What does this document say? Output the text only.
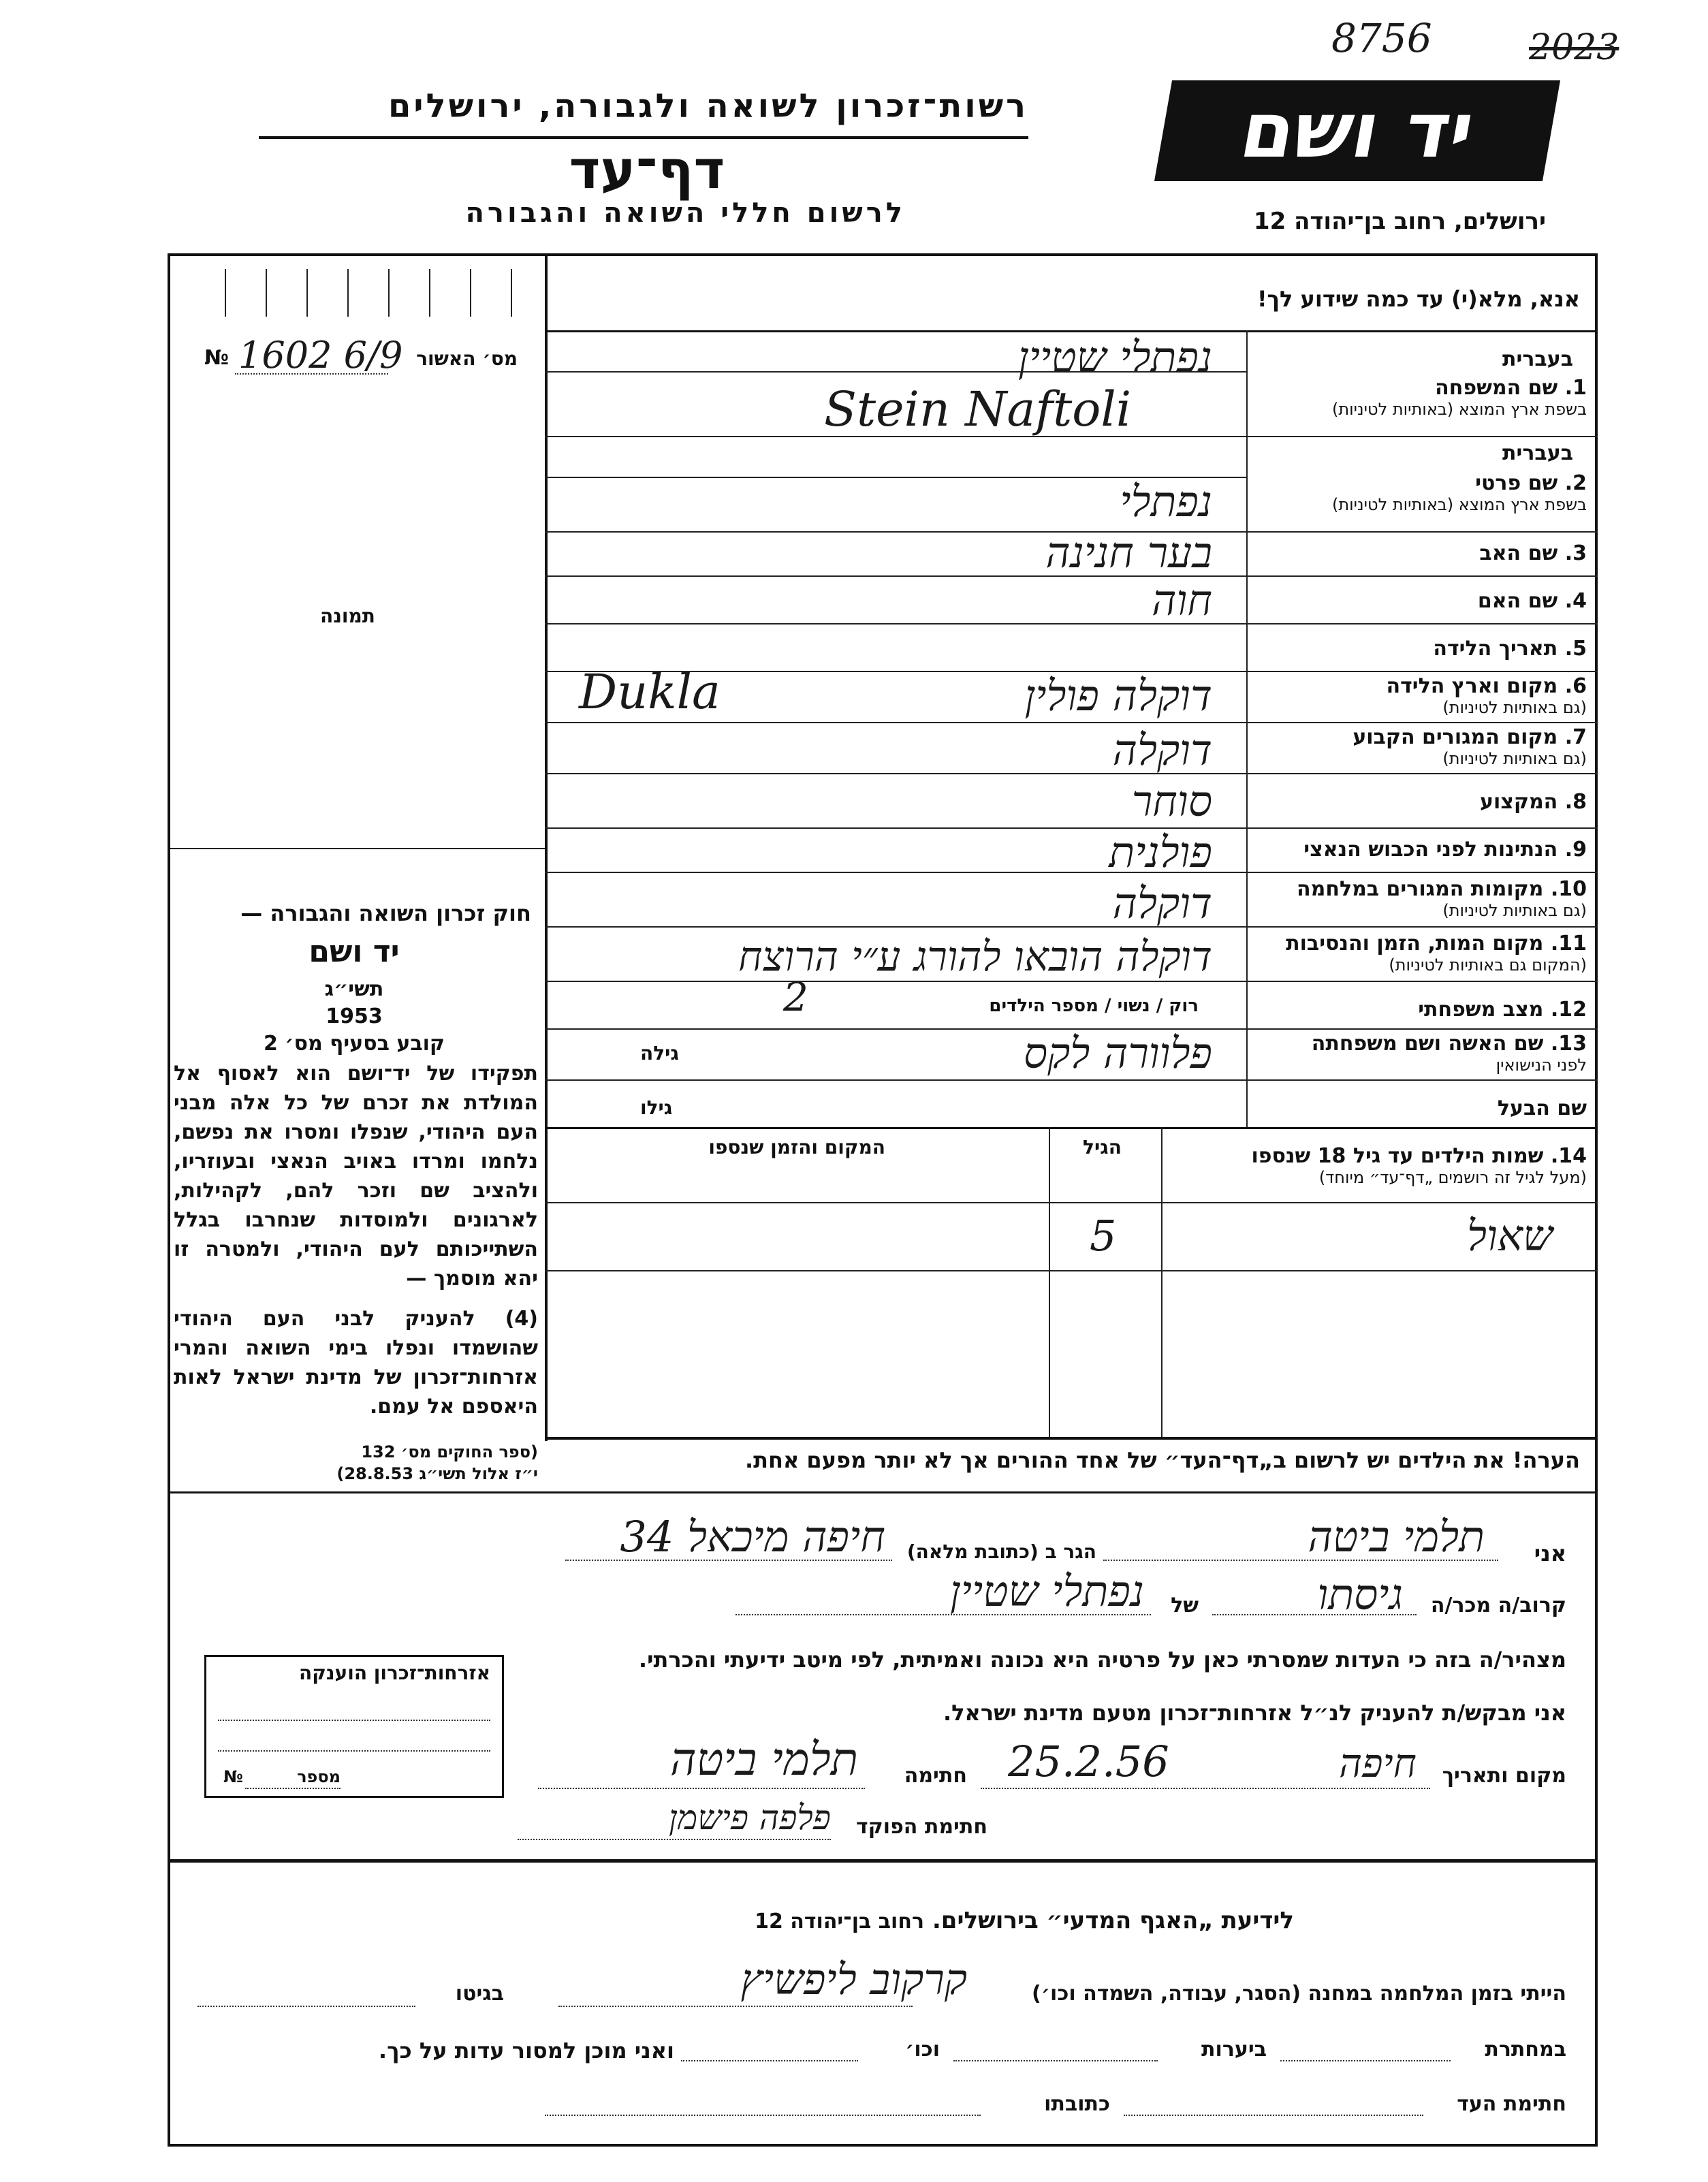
8756	2023
רשות־זכרון לשואה ולגבורה, ירושלים
דף־עד
לרשום חללי השואה והגבורה
יד ושם
ירושלים, רחוב בן־יהודה 12
מס׳ האשור
№ 1602 6/9
תמונה
אנא, מלא(י) עד כמה שידוע לך!
בעברית
1. שם המשפחה
בשפת ארץ המוצא (באותיות לטיניות)
נפתלי שטיין
Stein Naftoli
בעברית
2. שם פרטי
בשפת ארץ המוצא (באותיות לטיניות)
נפתלי
3. שם האב
בער חנינה
4. שם האם
חוה
5. תאריך הלידה
6. מקום וארץ הלידה
(גם באותיות לטיניות)
Dukla	דוקלה פולין
7. מקום המגורים הקבוע
(גם באותיות לטיניות)
דוקלה
8. המקצוע
סוחר
9. הנתינות לפני הכבוש הנאצי
פולנית
10. מקומות המגורים במלחמה
(גם באותיות לטיניות)
דוקלה
11. מקום המות, הזמן והנסיבות
(המקום גם באותיות לטיניות)
דוקלה הובאו להורג ע״י הרוצח
12. מצב משפחתי
רוק / נשוי / מספר הילדים
2
13. שם האשה ושם משפחתה
לפני הנישואין
פלוורה לקס
גילה
שם הבעל
גילו
14. שמות הילדים עד גיל 18 שנספו
(מעל לגיל זה רושמים „דף־עד״ מיוחד)
הגיל
המקום והזמן שנספו
שאול
5
חוק זכרון השואה והגבורה —
יד ושם
תשי״ג
1953
קובע בסעיף מס׳ 2
תפקידו של יד־ושם הוא לאסוף אל המולדת את זכרם של כל אלה מבני העם היהודי, שנפלו ומסרו את נפשם, נלחמו ומרדו באויב הנאצי ובעוזריו, ולהציב שם וזכר להם, לקהילות, לארגונים ולמוסדות שנחרבו בגלל השתייכותם לעם היהודי, ולמטרה זו יהא מוסמך —
(4) להעניק לבני העם היהודי שהושמדו ונפלו בימי השואה והמרי אזרחות־זכרון של מדינת ישראל לאות היאספם אל עמם.
(ספר החוקים מס׳ 132
י״ז אלול תשי״ג 28.8.53)
הערה! את הילדים יש לרשום ב„דף־העד״ של אחד ההורים אך לא יותר מפעם אחת.
אני
תלמי ביטה
הגר ב (כתובת מלאה)
חיפה מיכאל 34
קרוב/ה מכר/ה
גיסתו
של
נפתלי שטיין
מצהיר/ה בזה כי העדות שמסרתי כאן על פרטיה היא נכונה ואמיתית, לפי מיטב ידיעתי והכרתי.
אני מבקש/ת להעניק לנ״ל אזרחות־זכרון מטעם מדינת ישראל.
מקום ותאריך
חיפה
25.2.56
חתימה
תלמי ביטה
חתימת הפוקד
פלפה פישמן
אזרחות־זכרון הוענקה
מספר
№
לידיעת „האגף המדעי״ בירושלים. רחוב בן־יהודה 12
הייתי בזמן המלחמה במחנה (הסגר, עבודה, השמדה וכו׳)
קרקוב ליפשיץ
בגיטו
במחתרת
ביערות
וכו׳
ואני מוכן למסור עדות על כך.
חתימת העד
כתובתו
